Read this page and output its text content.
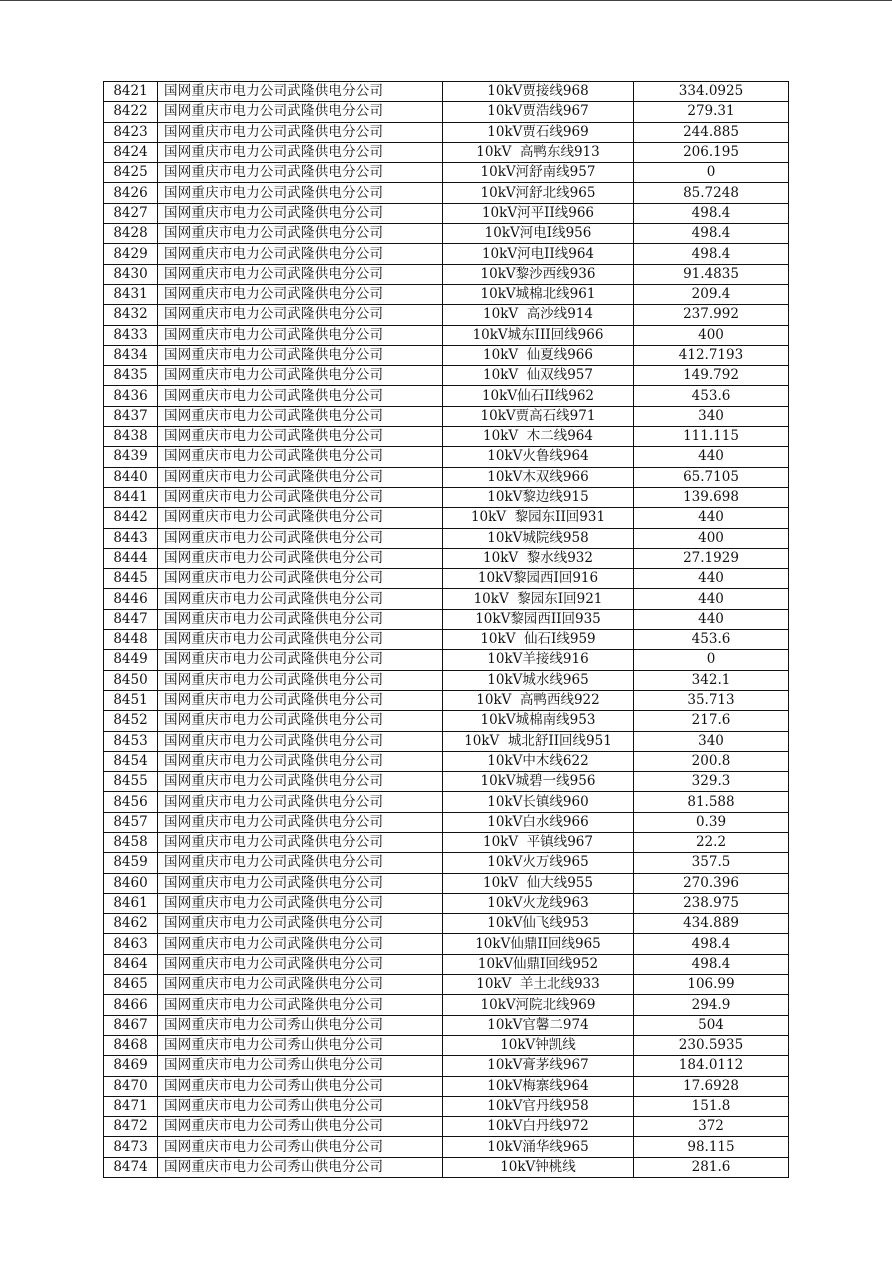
8421	国网重庆市电力公司武隆供电分公司	10kV贾接线968	334.0925
8422	国网重庆市电力公司武隆供电分公司	10kV贾浩线967	279.31
8423	国网重庆市电力公司武隆供电分公司	10kV贾石线969	244.885
8424	国网重庆市电力公司武隆供电分公司	10kV  高鸭东线913	206.195
8425	国网重庆市电力公司武隆供电分公司	10kV河舒南线957	0
8426	国网重庆市电力公司武隆供电分公司	10kV河舒北线965	85.7248
8427	国网重庆市电力公司武隆供电分公司	10kV河平II线966	498.4
8428	国网重庆市电力公司武隆供电分公司	10kV河电I线956	498.4
8429	国网重庆市电力公司武隆供电分公司	10kV河电II线964	498.4
8430	国网重庆市电力公司武隆供电分公司	10kV黎沙西线936	91.4835
8431	国网重庆市电力公司武隆供电分公司	10kV城棉北线961	209.4
8432	国网重庆市电力公司武隆供电分公司	10kV  高沙线914	237.992
8433	国网重庆市电力公司武隆供电分公司	10kV城东III回线966	400
8434	国网重庆市电力公司武隆供电分公司	10kV  仙夏线966	412.7193
8435	国网重庆市电力公司武隆供电分公司	10kV  仙双线957	149.792
8436	国网重庆市电力公司武隆供电分公司	10kV仙石II线962	453.6
8437	国网重庆市电力公司武隆供电分公司	10kV贾高石线971	340
8438	国网重庆市电力公司武隆供电分公司	10kV  木二线964	111.115
8439	国网重庆市电力公司武隆供电分公司	10kV火鲁线964	440
8440	国网重庆市电力公司武隆供电分公司	10kV木双线966	65.7105
8441	国网重庆市电力公司武隆供电分公司	10kV黎边线915	139.698
8442	国网重庆市电力公司武隆供电分公司	10kV  黎园东II回931	440
8443	国网重庆市电力公司武隆供电分公司	10kV城院线958	400
8444	国网重庆市电力公司武隆供电分公司	10kV  黎水线932	27.1929
8445	国网重庆市电力公司武隆供电分公司	10kV黎园西I回916	440
8446	国网重庆市电力公司武隆供电分公司	10kV  黎园东I回921	440
8447	国网重庆市电力公司武隆供电分公司	10kV黎园西II回935	440
8448	国网重庆市电力公司武隆供电分公司	10kV  仙石I线959	453.6
8449	国网重庆市电力公司武隆供电分公司	10kV羊接线916	0
8450	国网重庆市电力公司武隆供电分公司	10kV城水线965	342.1
8451	国网重庆市电力公司武隆供电分公司	10kV  高鸭西线922	35.713
8452	国网重庆市电力公司武隆供电分公司	10kV城棉南线953	217.6
8453	国网重庆市电力公司武隆供电分公司	10kV  城北舒II回线951	340
8454	国网重庆市电力公司武隆供电分公司	10kV中木线622	200.8
8455	国网重庆市电力公司武隆供电分公司	10kV城碧一线956	329.3
8456	国网重庆市电力公司武隆供电分公司	10kV长镇线960	81.588
8457	国网重庆市电力公司武隆供电分公司	10kV白水线966	0.39
8458	国网重庆市电力公司武隆供电分公司	10kV  平镇线967	22.2
8459	国网重庆市电力公司武隆供电分公司	10kV火万线965	357.5
8460	国网重庆市电力公司武隆供电分公司	10kV  仙大线955	270.396
8461	国网重庆市电力公司武隆供电分公司	10kV火龙线963	238.975
8462	国网重庆市电力公司武隆供电分公司	10kV仙飞线953	434.889
8463	国网重庆市电力公司武隆供电分公司	10kV仙鼎II回线965	498.4
8464	国网重庆市电力公司武隆供电分公司	10kV仙鼎I回线952	498.4
8465	国网重庆市电力公司武隆供电分公司	10kV  羊土北线933	106.99
8466	国网重庆市电力公司武隆供电分公司	10kV河院北线969	294.9
8467	国网重庆市电力公司秀山供电分公司	10kV官馨二974	504
8468	国网重庆市电力公司秀山供电分公司	10kV钟凯线	230.5935
8469	国网重庆市电力公司秀山供电分公司	10kV膏茅线967	184.0112
8470	国网重庆市电力公司秀山供电分公司	10kV梅寨线964	17.6928
8471	国网重庆市电力公司秀山供电分公司	10kV官丹线958	151.8
8472	国网重庆市电力公司秀山供电分公司	10kV白丹线972	372
8473	国网重庆市电力公司秀山供电分公司	10kV涌华线965	98.115
8474	国网重庆市电力公司秀山供电分公司	10kV钟桃线	281.6
